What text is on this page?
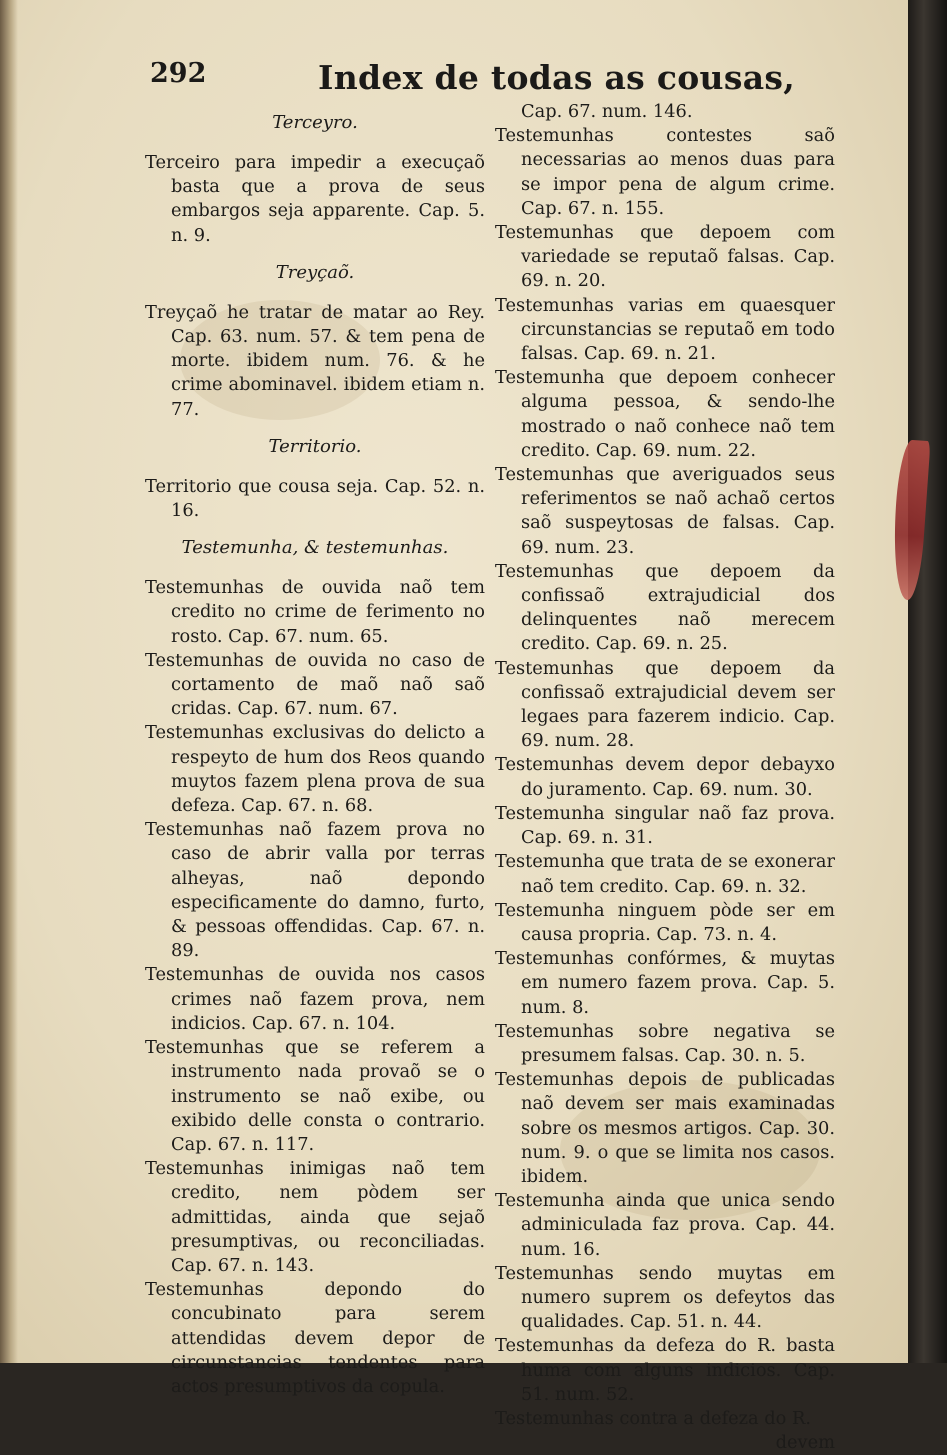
292	Index de todas as cousas,
Terceyro.

Terceiro para impedir a execuçaõ basta que a prova de seus embargos seja apparente. Cap. 5. n. 9.

Treyçaõ.

Treyçaõ he tratar de matar ao Rey. Cap. 63. num. 57. & tem pena de morte. ibidem num. 76. & he crime abominavel. ibidem etiam n. 77.

Territorio.

Territorio que cousa seja. Cap. 52. n. 16.

Testemunha, & testemunhas.

Testemunhas de ouvida naõ tem credito no crime de ferimento no rosto. Cap. 67. num. 65.

Testemunhas de ouvida no caso de cortamento de maõ naõ saõ cridas. Cap. 67. num. 67.

Testemunhas exclusivas do delicto a respeyto de hum dos Reos quando muytos fazem plena prova de sua defeza. Cap. 67. n. 68.

Testemunhas naõ fazem prova no caso de abrir valla por terras alheyas, naõ depondo especificamente do damno, furto, & pessoas offendidas. Cap. 67. n. 89.

Testemunhas de ouvida nos casos crimes naõ fazem prova, nem indicios. Cap. 67. n. 104.

Testemunhas que se referem a instrumento nada provaõ se o instrumento se naõ exibe, ou exibido delle consta o contrario. Cap. 67. n. 117.

Testemunhas inimigas naõ tem credito, nem pòdem ser admittidas, ainda que sejaõ presumptivas, ou reconciliadas. Cap. 67. n. 143.

Testemunhas depondo do concubinato para serem attendidas devem depor de circunstancias tendentes para actos presumptivos da copula.

Cap. 67. num. 146.

Testemunhas contestes saõ necessarias ao menos duas para se impor pena de algum crime. Cap. 67. n. 155.

Testemunhas que depoem com variedade se reputaõ falsas. Cap. 69. n. 20.

Testemunhas varias em quaesquer circunstancias se reputaõ em todo falsas. Cap. 69. n. 21.

Testemunha que depoem conhecer alguma pessoa, & sendo-lhe mostrado o naõ conhece naõ tem credito. Cap. 69. num. 22.

Testemunhas que averiguados seus referimentos se naõ achaõ certos saõ suspeytosas de falsas. Cap. 69. num. 23.

Testemunhas que depoem da confissaõ extrajudicial dos delinquentes naõ merecem credito. Cap. 69. n. 25.

Testemunhas que depoem da confissaõ extrajudicial devem ser legaes para fazerem indicio. Cap. 69. num. 28.

Testemunhas devem depor debayxo do juramento. Cap. 69. num. 30.

Testemunha singular naõ faz prova. Cap. 69. n. 31.

Testemunha que trata de se exonerar naõ tem credito. Cap. 69. n. 32.

Testemunha ninguem pòde ser em causa propria. Cap. 73. n. 4.

Testemunhas confórmes, & muytas em numero fazem prova. Cap. 5. num. 8.

Testemunhas sobre negativa se presumem falsas. Cap. 30. n. 5.

Testemunhas depois de publicadas naõ devem ser mais examinadas sobre os mesmos artigos. Cap. 30. num. 9. o que se limita nos casos. ibidem.

Testemunha ainda que unica sendo adminiculada faz prova. Cap. 44. num. 16.

Testemunhas sendo muytas em numero suprem os defeytos das qualidades. Cap. 51. n. 44.

Testemunhas da defeza do R. basta huma com alguns indicios. Cap. 51. num. 52.

Testemunhas contra a defeza do R.

devem
